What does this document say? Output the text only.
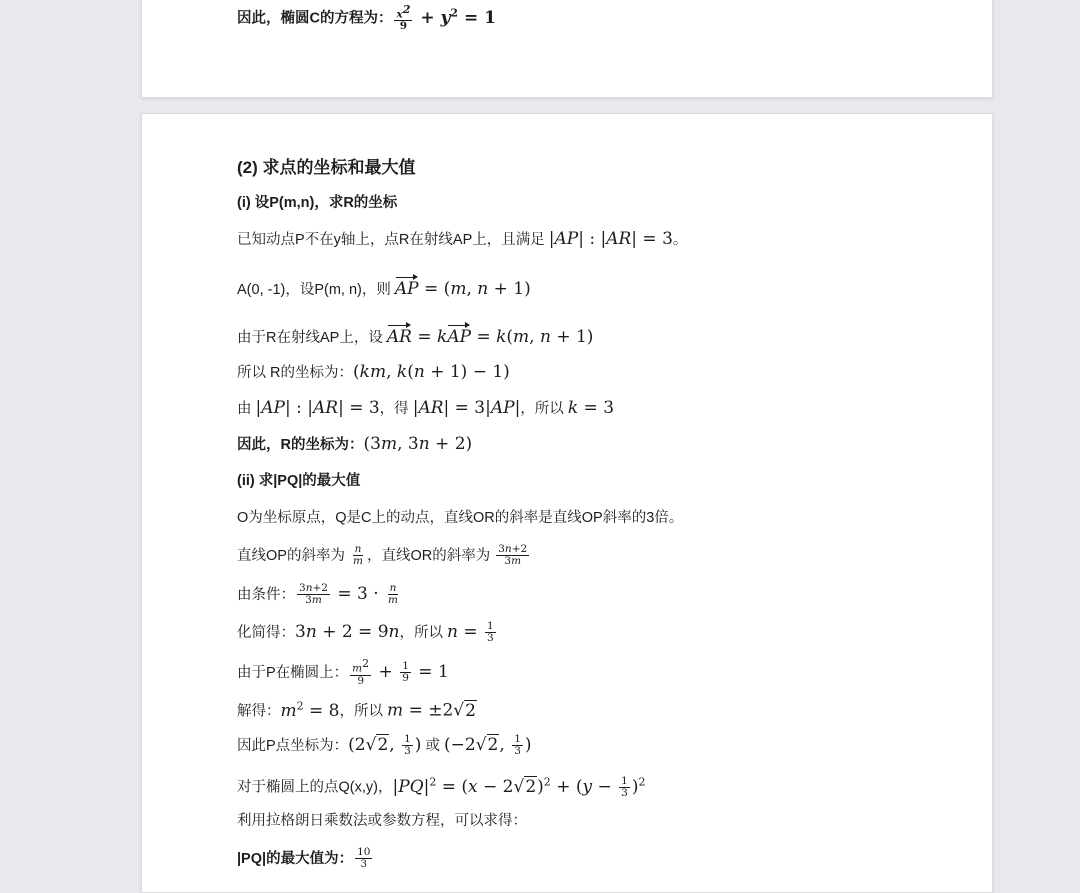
因此，椭圆C的方程为： $\frac{x^2}{9} + y^2 = 1$
(2) 求点的坐标和最大值
(i) 设P(m,n)，求R的坐标
已知动点P不在y轴上，点R在射线AP上，且满足 |AP| : |AR| = 3。
A(0, -1)，设P(m, n)，则 AP = (m, n + 1)
由于R在射线AP上，设 AR = kAP = k(m, n + 1)
所以 R的坐标为：(km, k(n + 1) − 1)
由 |AP| : |AR| = 3，得 |AR| = 3|AP|，所以 k = 3
因此，R的坐标为：(3m, 3n + 2)
(ii) 求|PQ|的最大值
O为坐标原点，Q是C上的动点，直线OR的斜率是直线OP斜率的3倍。
直线OP的斜率为 $\frac{n}{m}$ ，直线OR的斜率为 $\frac{3n+2}{3m}$
由条件： $\frac{3n+2}{3m} = 3 \cdot \frac{n}{m}$
化简得：3n + 2 = 9n，所以 $n = \frac{1}{3}$
由于P在椭圆上： $\frac{m^2}{9} + \frac{1}{9} = 1$
解得：$m^2 = 8$，所以 m = ±2√2
因此P点坐标为：(2√2, $\frac{1}{3}$ ) 或 (−2√2, $\frac{1}{3}$ )
对于椭圆上的点Q(x,y)，$|PQ|^2 = (x - 2√2)^2 + (y - \frac{1}{3} )^2$
利用拉格朗日乘数法或参数方程，可以求得：
|PQ|的最大值为： $\frac{10}{3}$
